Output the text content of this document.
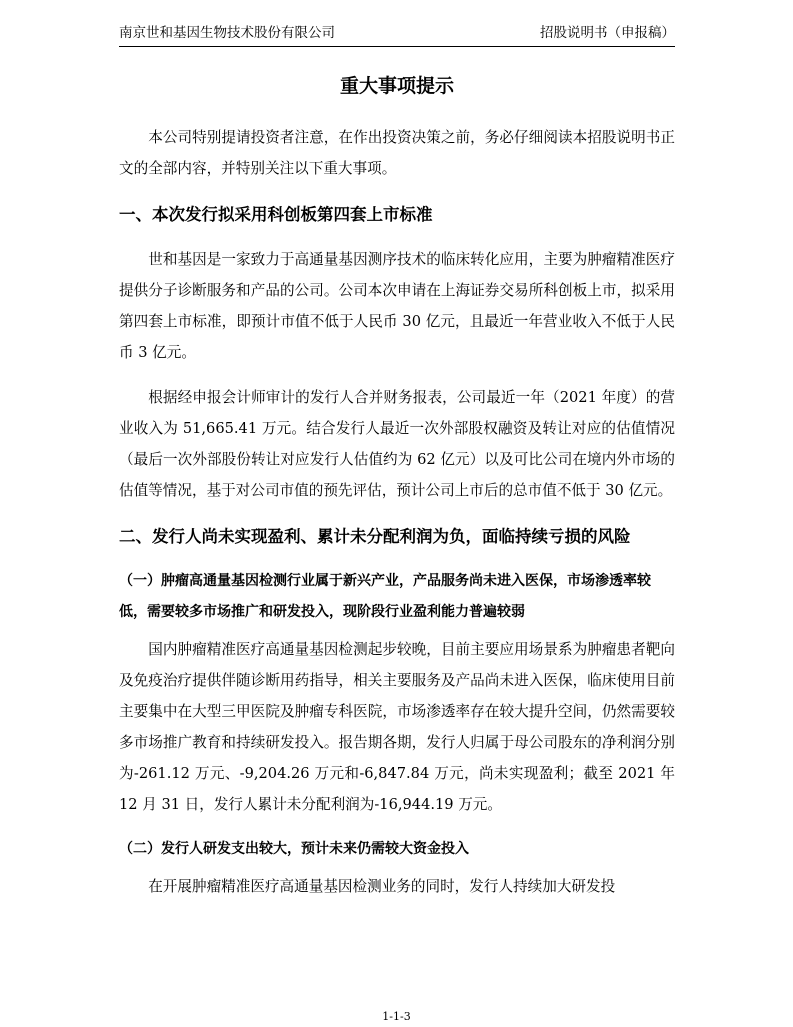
南京世和基因生物技术股份有限公司	招股说明书（申报稿）
重大事项提示

本公司特别提请投资者注意，在作出投资决策之前，务必仔细阅读本招股说明书正文的全部内容，并特别关注以下重大事项。

一、本次发行拟采用科创板第四套上市标准

世和基因是一家致力于高通量基因测序技术的临床转化应用，主要为肿瘤精准医疗提供分子诊断服务和产品的公司。公司本次申请在上海证券交易所科创板上市，拟采用第四套上市标准，即预计市值不低于人民币 30 亿元，且最近一年营业收入不低于人民币 3 亿元。

根据经申报会计师审计的发行人合并财务报表，公司最近一年（2021 年度）的营业收入为 51,665.41 万元。结合发行人最近一次外部股权融资及转让对应的估值情况（最后一次外部股份转让对应发行人估值约为 62 亿元）以及可比公司在境内外市场的估值等情况，基于对公司市值的预先评估，预计公司上市后的总市值不低于 30 亿元。

二、发行人尚未实现盈利、累计未分配利润为负，面临持续亏损的风险
（一）肿瘤高通量基因检测行业属于新兴产业，产品服务尚未进入医保，市场渗透率较低，需要较多市场推广和研发投入，现阶段行业盈利能力普遍较弱

国内肿瘤精准医疗高通量基因检测起步较晚，目前主要应用场景系为肿瘤患者靶向及免疫治疗提供伴随诊断用药指导，相关主要服务及产品尚未进入医保，临床使用目前主要集中在大型三甲医院及肿瘤专科医院，市场渗透率存在较大提升空间，仍然需要较多市场推广教育和持续研发投入。报告期各期，发行人归属于母公司股东的净利润分别为-261.12 万元、-9,204.26 万元和-6,847.84 万元，尚未实现盈利；截至 2021 年 12 月 31 日，发行人累计未分配利润为-16,944.19 万元。

（二）发行人研发支出较大，预计未来仍需较大资金投入

在开展肿瘤精准医疗高通量基因检测业务的同时，发行人持续加大研发投

1-1-3
